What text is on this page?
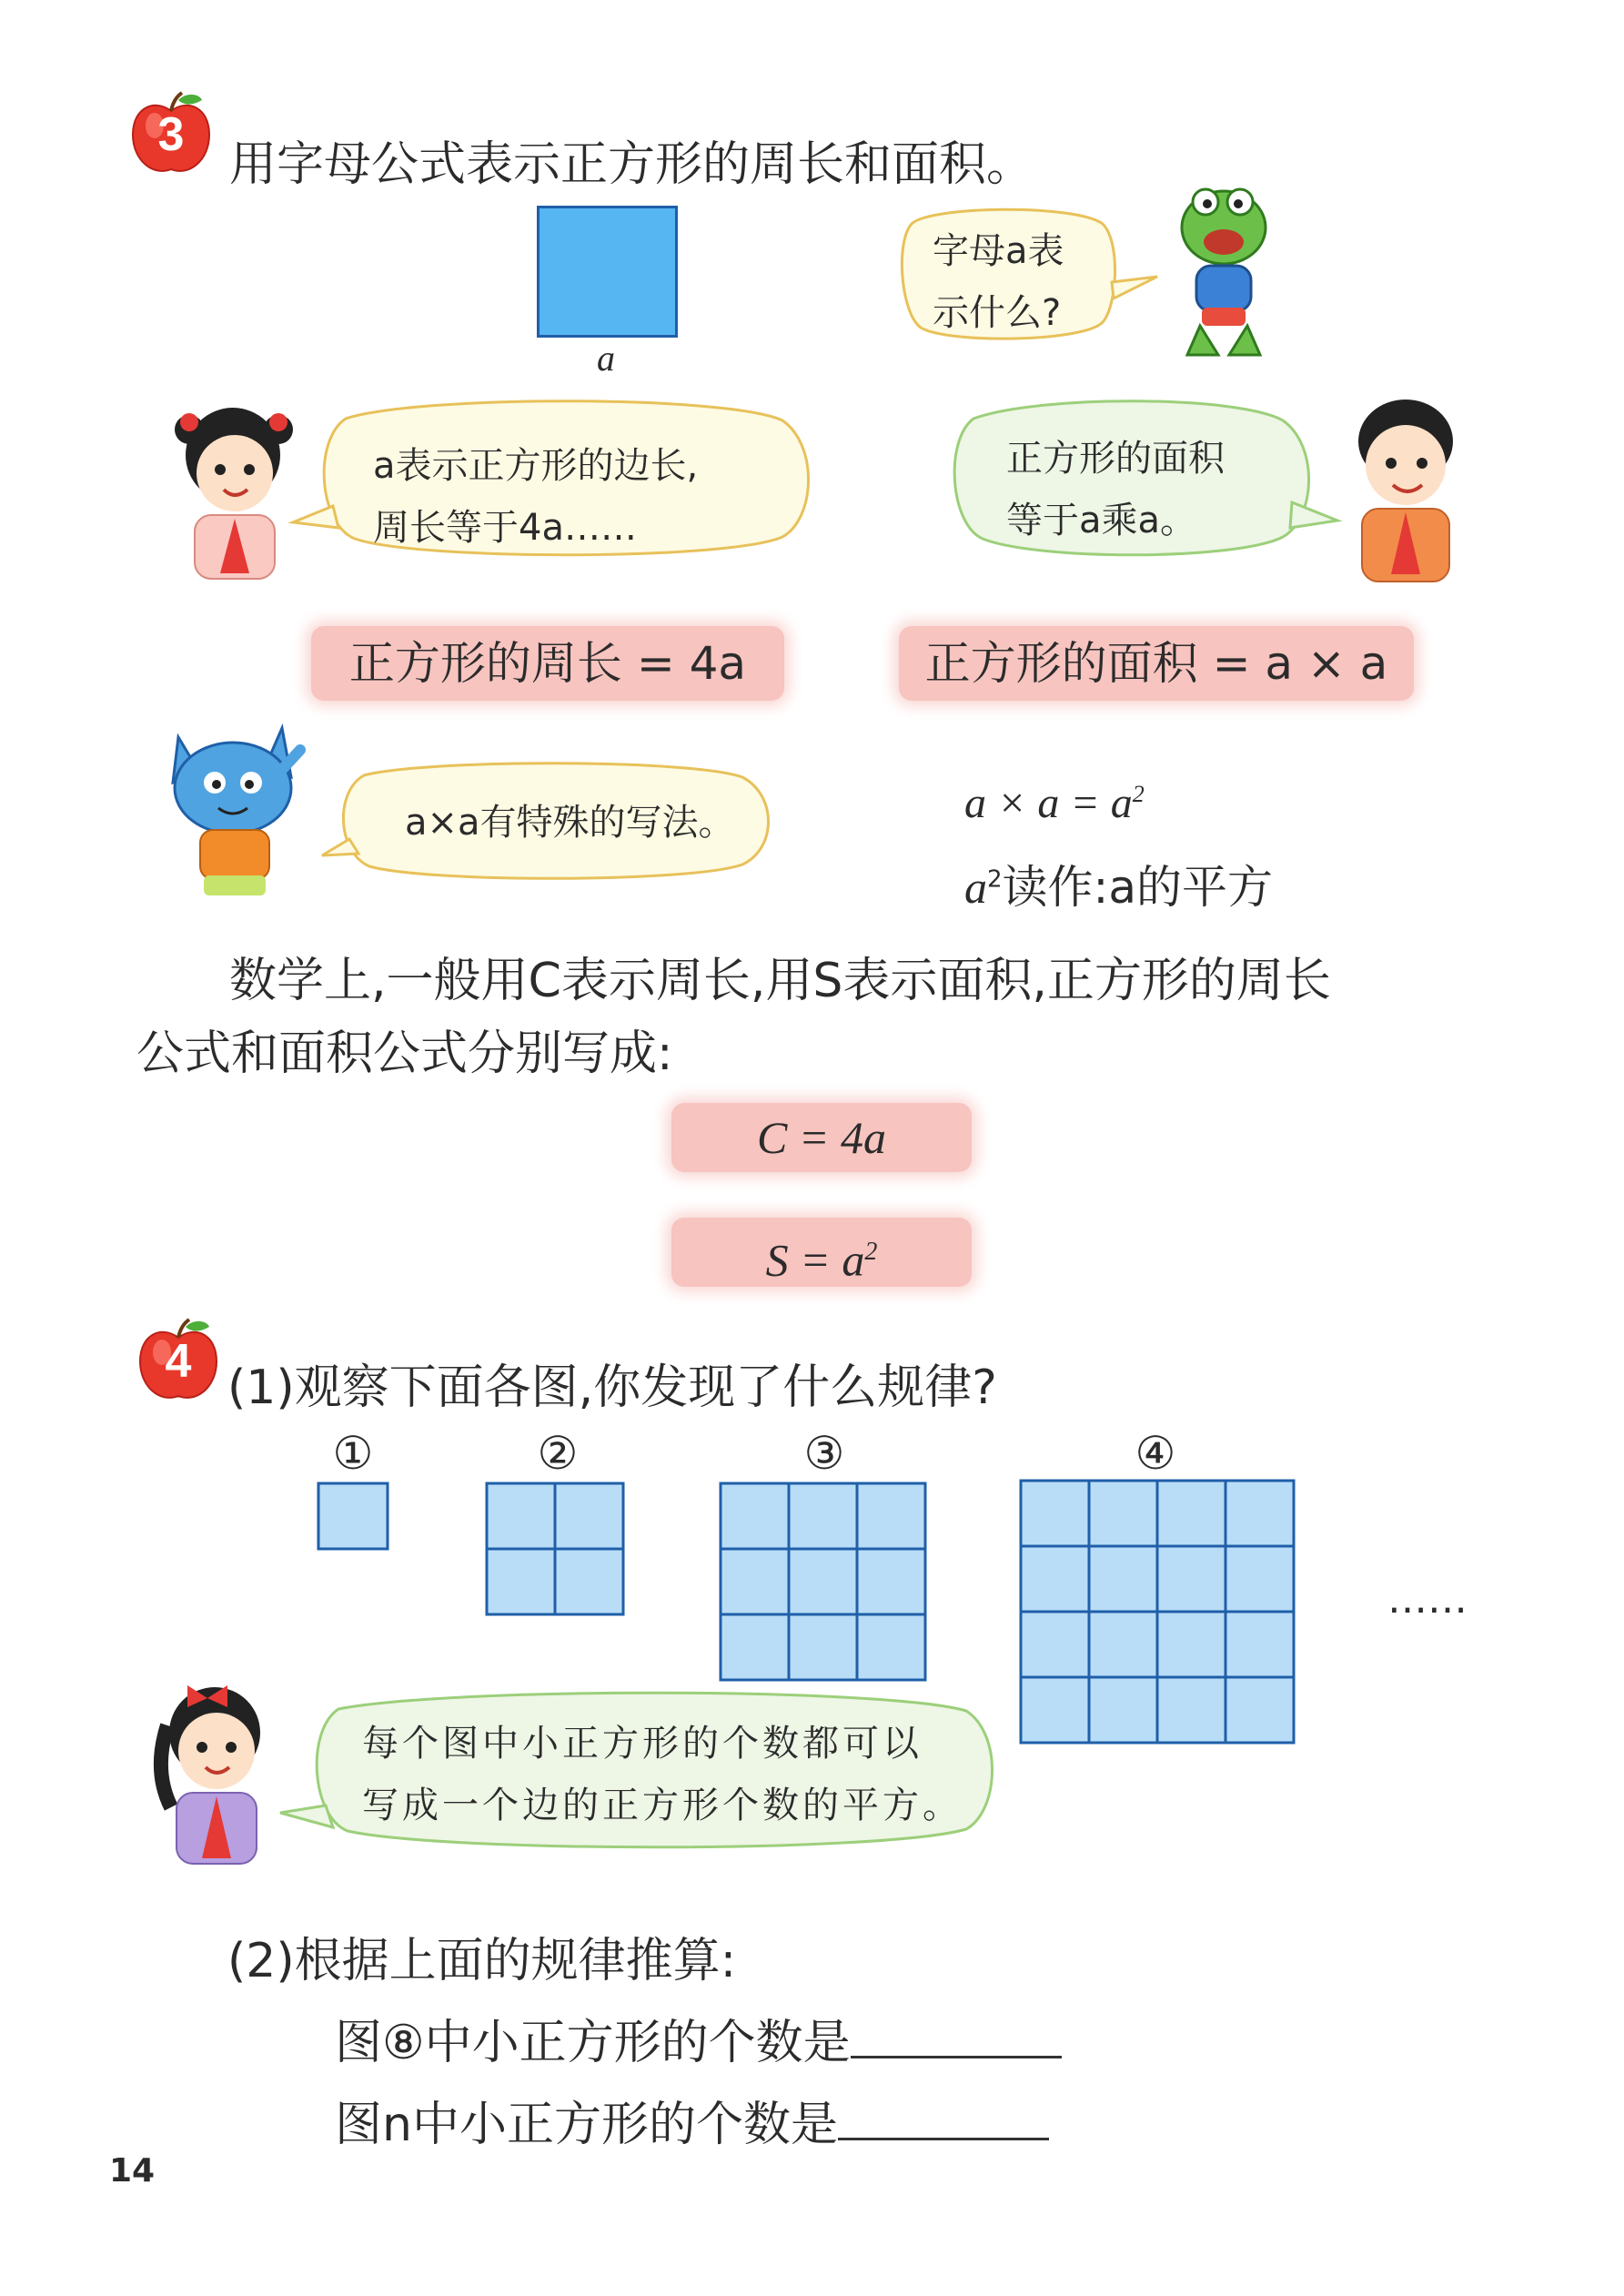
3
用字母公式表示正方形的周长和面积。
a
字母a表
示什么?
a表示正方形的边长,
周长等于4a……
正方形的面积
等于a乘a。
正方形的周长 = 4a	正方形的面积 = a × a
a×a有特殊的写法。	$a \times a = a^2$
$a^2$读作:a的平方
数学上,一般用C表示周长,用S表示面积,正方形的周长
公式和面积公式分别写成:
C = 4a
$S = a^2$
4 (1)观察下面各图,你发现了什么规律?
①	②	③	④
……
每个图中小正方形的个数都可以
写成一个边的正方形个数的平方。
(2)根据上面的规律推算:
图⑧中小正方形的个数是
图n中小正方形的个数是
14
